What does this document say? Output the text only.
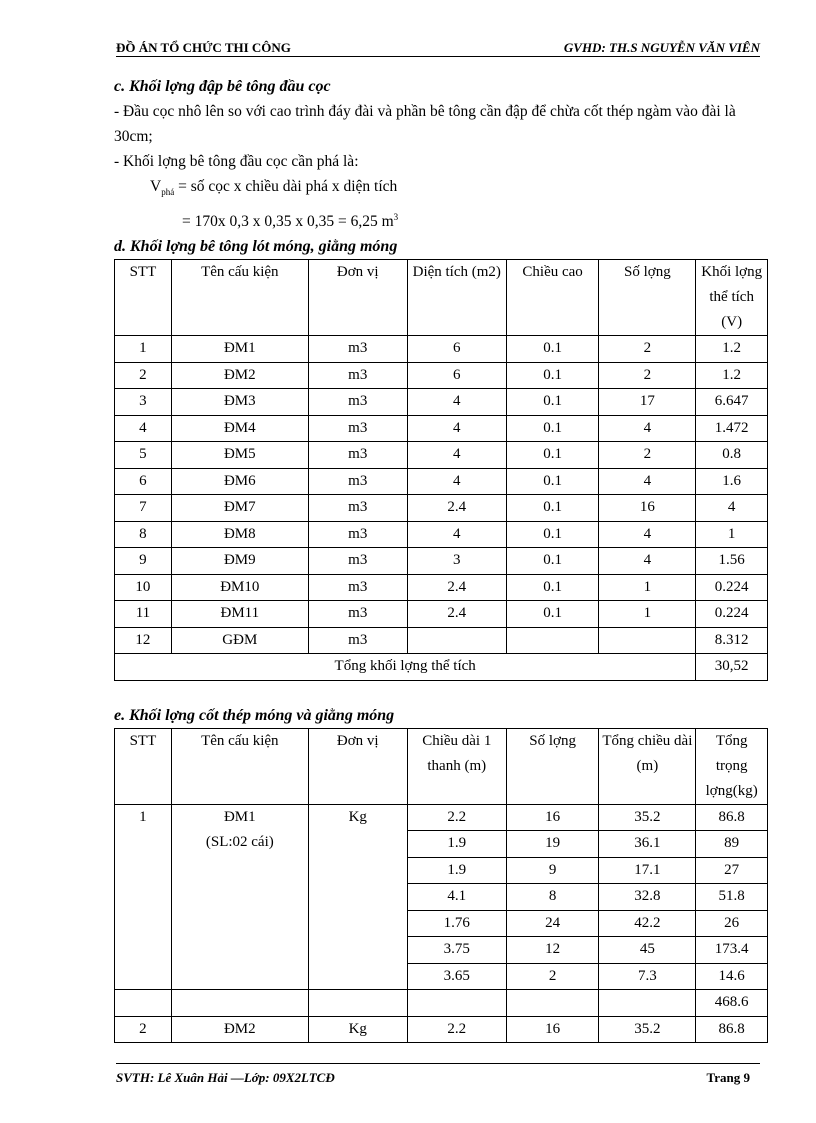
ĐỒ ÁN TỔ CHỨC THI CÔNG	GVHD: TH.S NGUYỄN VĂN VIÊN

c. Khối lợng đập bê tông đầu cọc

- Đầu cọc nhô lên so với cao trình đáy đài và phần bê tông cần đập để chừa cốt thép ngàm vào đài là 30cm;

- Khối lợng bê tông đầu cọc cần phá là:

$V_{phá}$ = số cọc x chiều dài phá x diện tích

= 170x 0,3 x 0,35 x 0,35 = 6,25 $m^3$

d. Khối lợng bê tông lót móng, giằng móng

STT	Tên cấu kiện	Đơn vị	Diện tích (m2)	Chiều cao	Số lợng	Khối lợng thể tích (V)
1	ĐM1	m3	6	0.1	2	1.2
2	ĐM2	m3	6	0.1	2	1.2
3	ĐM3	m3	4	0.1	17	6.647
4	ĐM4	m3	4	0.1	4	1.472
5	ĐM5	m3	4	0.1	2	0.8
6	ĐM6	m3	4	0.1	4	1.6
7	ĐM7	m3	2.4	0.1	16	4
8	ĐM8	m3	4	0.1	4	1
9	ĐM9	m3	3	0.1	4	1.56
10	ĐM10	m3	2.4	0.1	1	0.224
11	ĐM11	m3	2.4	0.1	1	0.224
12	GĐM	m3				8.312
Tổng khối lợng thể tích						30,52

e. Khối lợng cốt thép móng và giằng móng

STT	Tên cấu kiện	Đơn vị	Chiều dài 1 thanh (m)	Số lợng	Tổng chiều dài (m)	Tổng trọng lợng(kg)
1	ĐM1
(SL:02 cái)	Kg	2.2	16	35.2	86.8
			1.9	19	36.1	89
			1.9	9	17.1	27
			4.1	8	32.8	51.8
			1.76	24	42.2	26
			3.75	12	45	173.4
			3.65	2	7.3	14.6
						468.6
2	ĐM2	Kg	2.2	16	35.2	86.8
SVTH: Lê Xuân Hải —Lớp: 09X2LTCĐ	Trang 9
